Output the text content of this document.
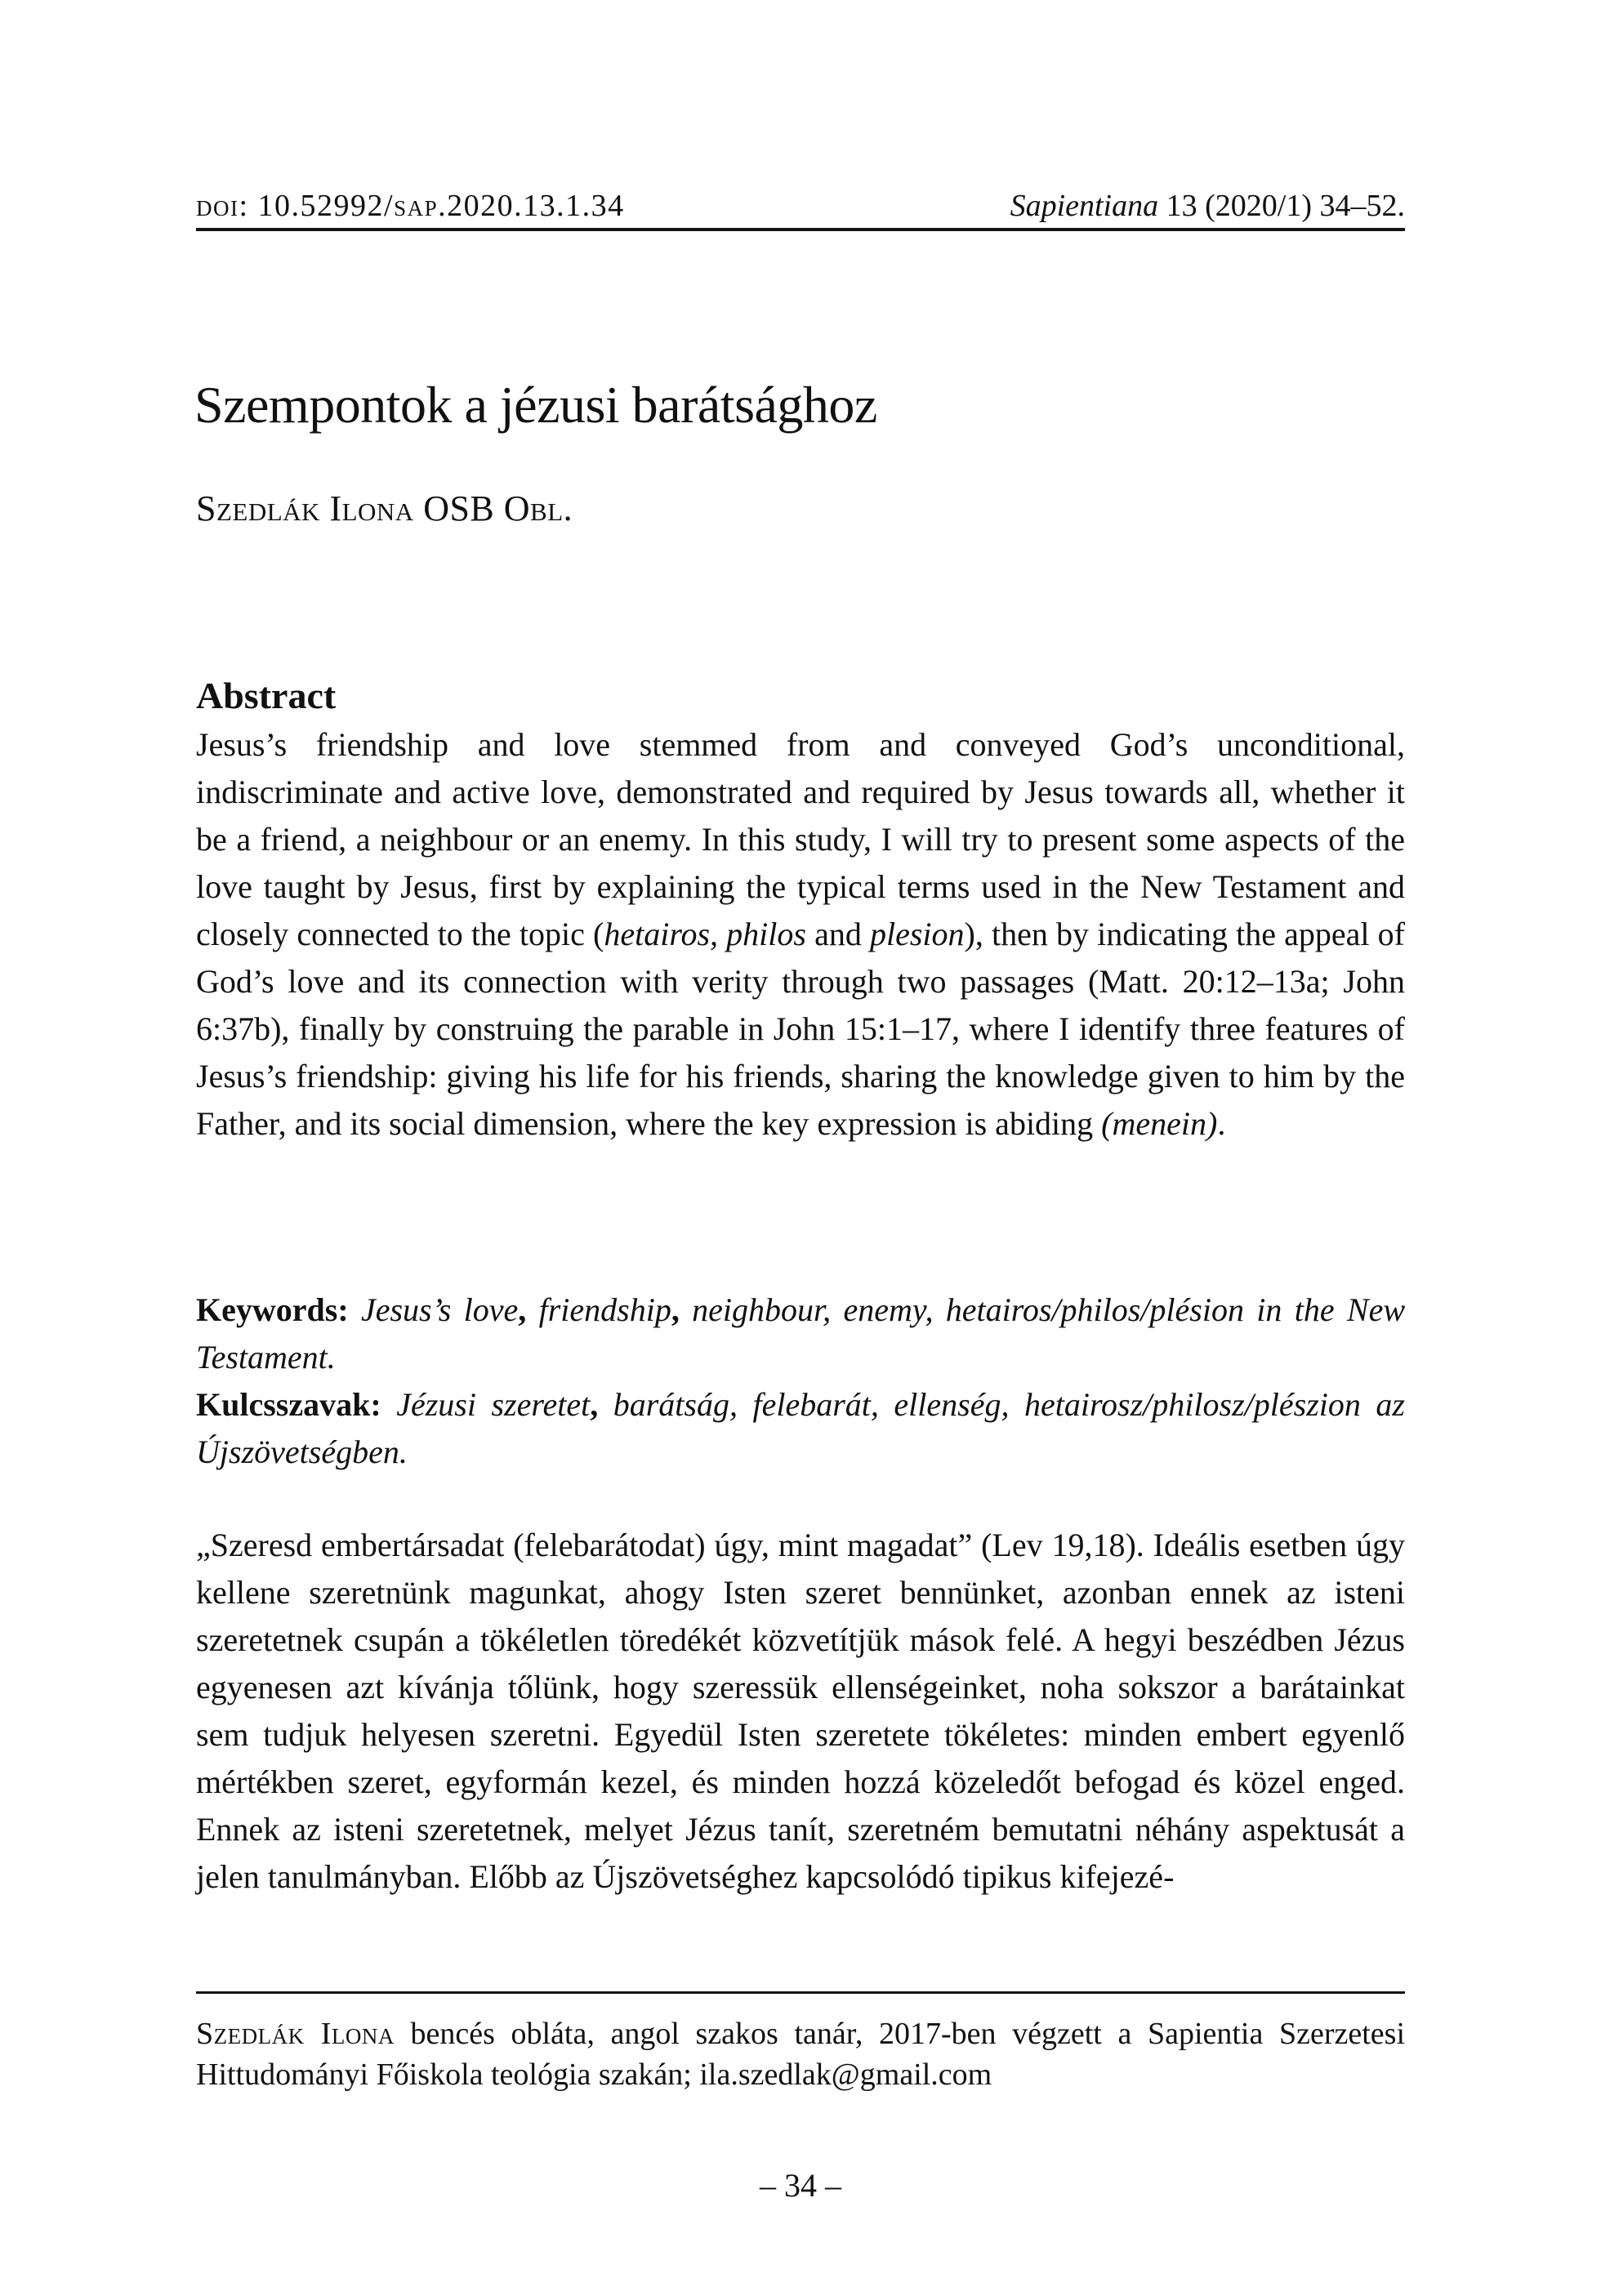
doi: 10.52992/sap.2020.13.1.34	Sapientiana 13 (2020/1) 34–52.
Szempontok a jézusi barátsághoz
Szedlák Ilona OSB Obl.
Abstract

Jesus’s friendship and love stemmed from and conveyed God’s unconditional, indiscriminate and active love, demonstrated and required by Jesus towards all, whether it be a friend, a neighbour or an enemy. In this study, I will try to present some aspects of the love taught by Jesus, first by explaining the typical terms used in the New Testament and closely connected to the topic (hetairos, philos and plesion), then by indicating the appeal of God’s love and its connection with verity through two passages (Matt. 20:12–13a; John 6:37b), finally by construing the parable in John 15:1–17, where I identify three features of Jesus’s friendship: giving his life for his friends, sharing the knowledge given to him by the Father, and its social dimension, where the key expression is abiding (menein).

Keywords: Jesus’s love, friendship, neighbour, enemy, hetairos/philos/plésion in the New Testament.

Kulcsszavak: Jézusi szeretet, barátság, felebarát, ellenség, hetairosz/philosz/plészion az Újszövetségben.

„Szeresd embertársadat (felebarátodat) úgy, mint magadat” (Lev 19,18). Ideális esetben úgy kellene szeretnünk magunkat, ahogy Isten szeret bennünket, azonban ennek az isteni szeretetnek csupán a tökéletlen töredékét közvetítjük mások felé. A hegyi beszédben Jézus egyenesen azt kívánja tőlünk, hogy szeressük ellenségeinket, noha sokszor a barátainkat sem tudjuk helyesen szeretni. Egyedül Isten szeretete tökéletes: minden embert egyenlő mértékben szeret, egyformán kezel, és minden hozzá közeledőt befogad és közel enged. Ennek az isteni szeretetnek, melyet Jézus tanít, szeretném bemutatni néhány aspektusát a jelen tanulmányban. Előbb az Újszövetséghez kapcsolódó tipikus kifejezé-

Szedlák Ilona bencés obláta, angol szakos tanár, 2017-ben végzett a Sapientia Szerzetesi Hittudományi Főiskola teológia szakán; ila.szedlak@gmail.com

– 34 –
